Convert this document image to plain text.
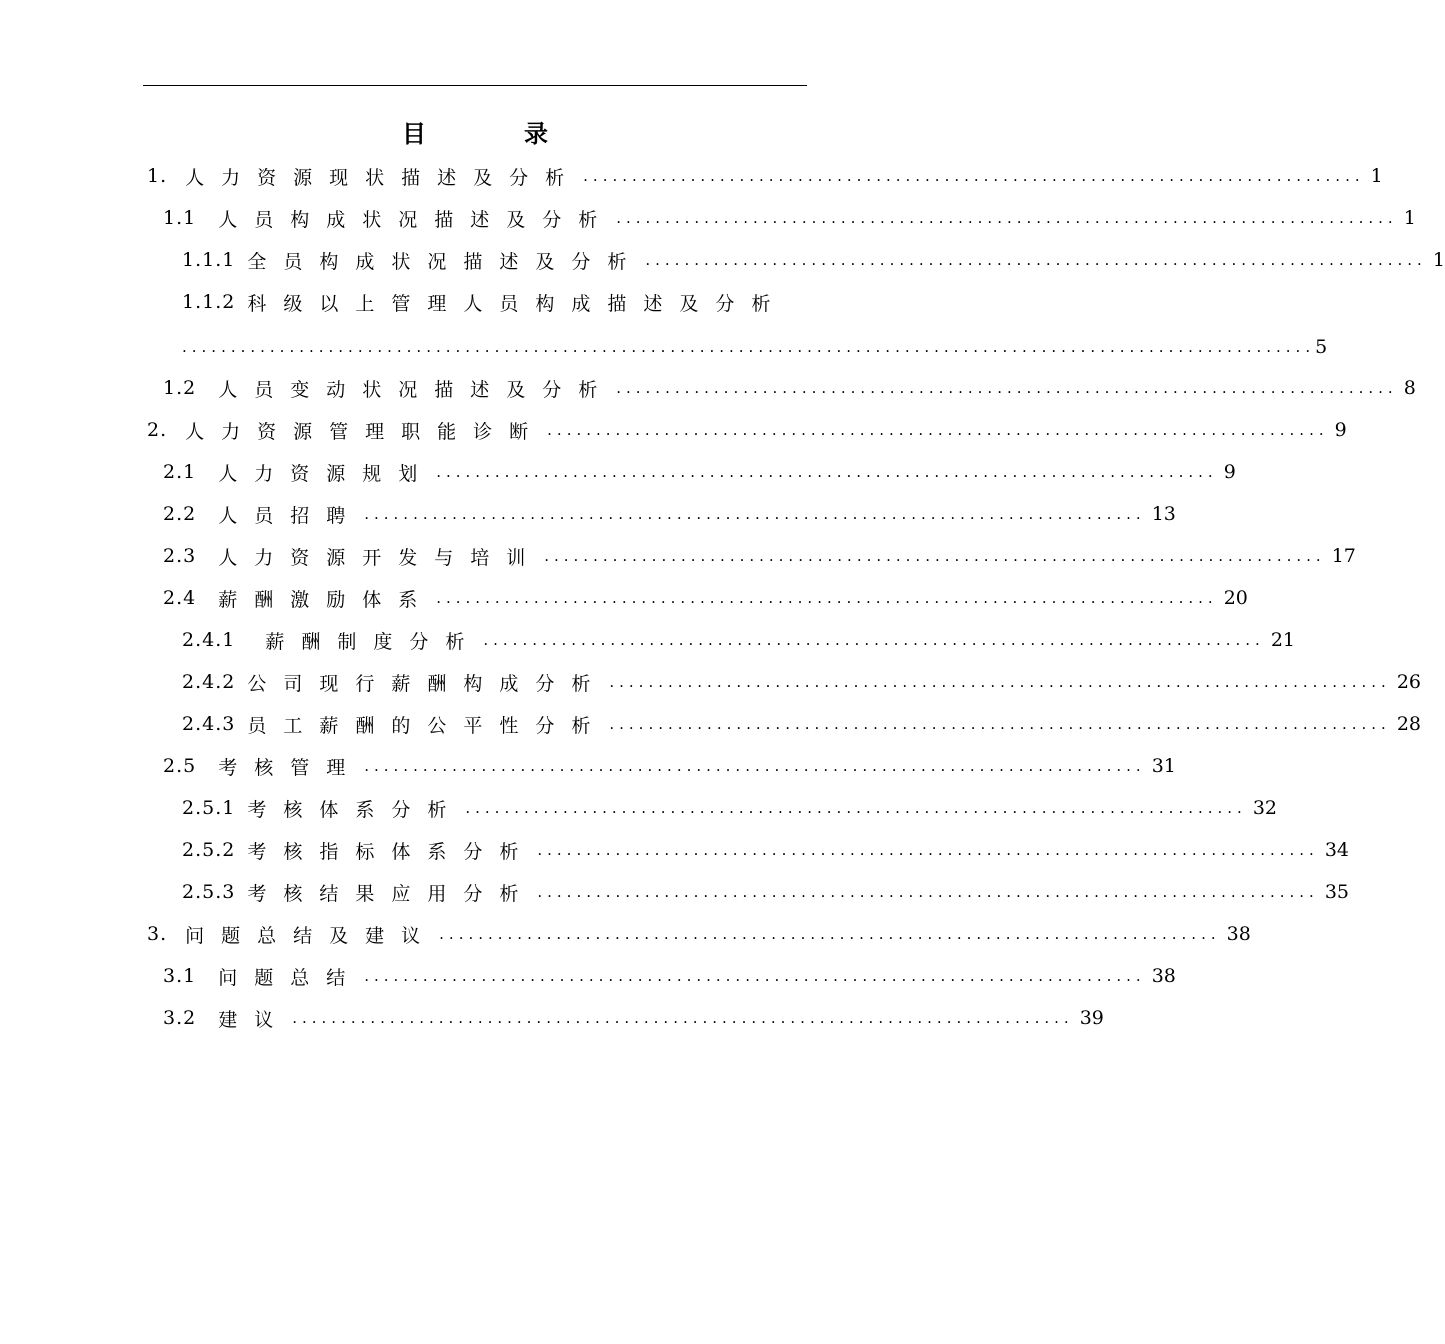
目	录
1. 人力资源现状描述及分析 ................................................................................ 1
1.1 人员构成状况描述及分析 ................................................................................ 1
1.1.1 全员构成状况描述及分析 ................................................................................ 1
1.1.2 科级以上管理人员构成描述及分析
.................................................................................................................... 5
1.2 人员变动状况描述及分析 ................................................................................ 8
2. 人力资源管理职能诊断 ................................................................................ 9
2.1 人力资源规划 ................................................................................ 9
2.2 人员招聘 ................................................................................ 13
2.3 人力资源开发与培训 ................................................................................ 17
2.4 薪酬激励体系 ................................................................................ 20
2.4.1 薪酬制度分析 ................................................................................ 21
2.4.2 公司现行薪酬构成分析 ................................................................................ 26
2.4.3 员工薪酬的公平性分析 ................................................................................ 28
2.5 考核管理 ................................................................................ 31
2.5.1 考核体系分析 ................................................................................ 32
2.5.2 考核指标体系分析 ................................................................................ 34
2.5.3 考核结果应用分析 ................................................................................ 35
3. 问题总结及建议 ................................................................................ 38
3.1 问题总结 ................................................................................ 38
3.2 建议 ................................................................................ 39
